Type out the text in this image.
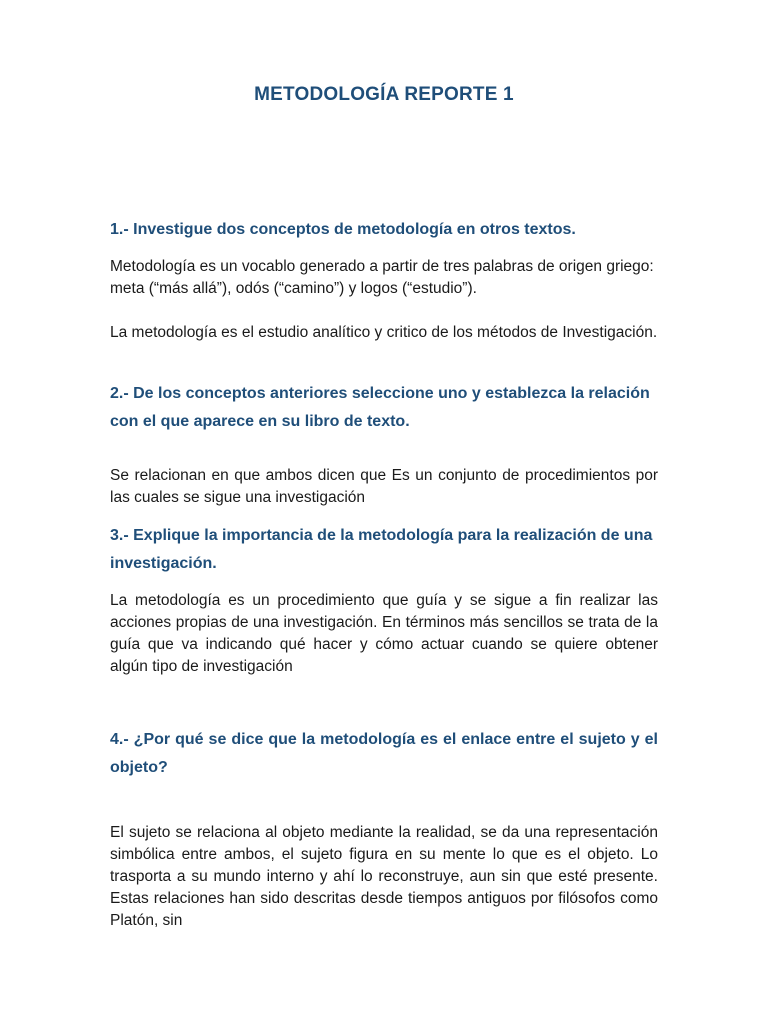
METODOLOGÍA REPORTE 1
1.- Investigue dos conceptos de metodología en otros textos.
Metodología es un vocablo generado a partir de tres palabras de origen griego: meta (“más allá”), odós (“camino”) y logos (“estudio”).
La metodología es el estudio analítico y critico de los métodos de Investigación.
2.- De los conceptos anteriores seleccione uno y establezca la relación con el que aparece en su libro de texto.
Se relacionan en que ambos dicen que Es un conjunto de procedimientos por las cuales se sigue una investigación
3.- Explique la importancia de la metodología para la realización de una investigación.
La metodología es un procedimiento que guía y se sigue a fin realizar las acciones propias de una investigación. En términos más sencillos se trata de la guía que va indicando qué hacer y cómo actuar cuando se quiere obtener algún tipo de investigación
4.- ¿Por qué se dice que la metodología es el enlace entre el sujeto y el objeto?
El sujeto se relaciona al objeto mediante la realidad, se da una representación simbólica entre ambos, el sujeto figura en su mente lo que es el objeto. Lo trasporta a su mundo interno y ahí lo reconstruye, aun sin que esté presente. Estas relaciones han sido descritas desde tiempos antiguos por filósofos como Platón, sin
